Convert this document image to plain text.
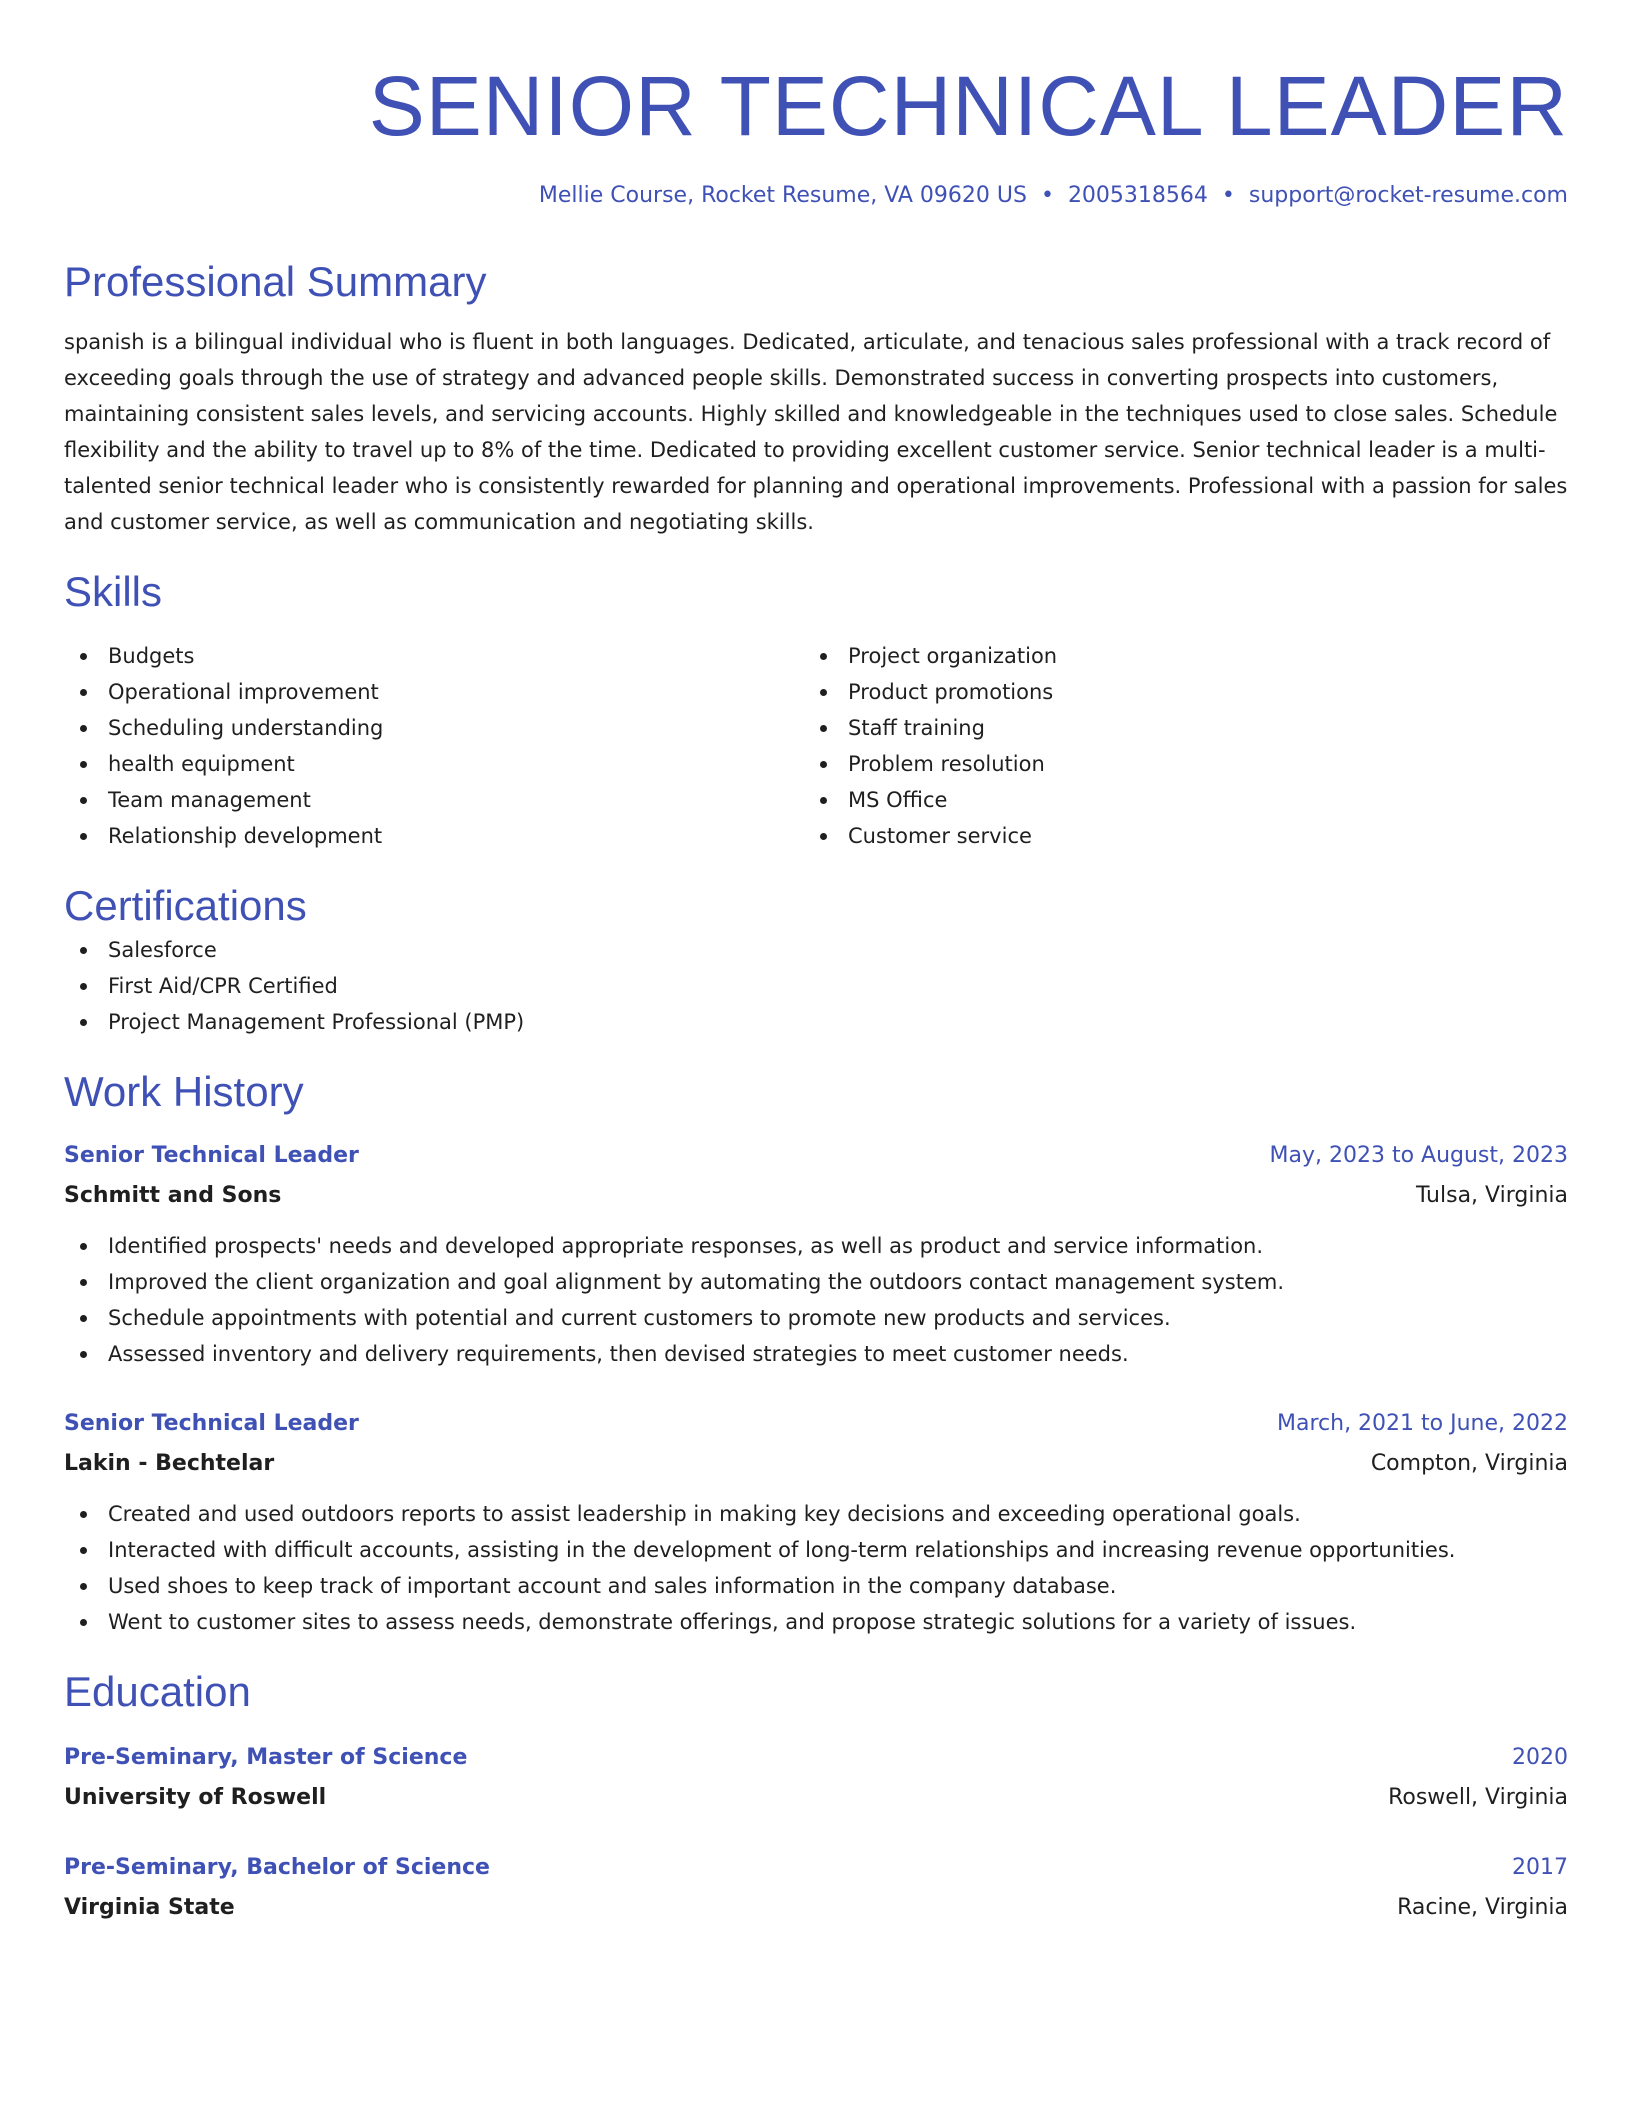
SENIOR TECHNICAL LEADER
Mellie Course, Rocket Resume, VA 09620 US • 2005318564 • support@rocket-resume.com
Professional Summary
spanish is a bilingual individual who is fluent in both languages. Dedicated, articulate, and tenacious sales professional with a track record of exceeding goals through the use of strategy and advanced people skills. Demonstrated success in converting prospects into customers, maintaining consistent sales levels, and servicing accounts. Highly skilled and knowledgeable in the techniques used to close sales. Schedule flexibility and the ability to travel up to 8% of the time. Dedicated to providing excellent customer service. Senior technical leader is a multi-talented senior technical leader who is consistently rewarded for planning and operational improvements. Professional with a passion for sales and customer service, as well as communication and negotiating skills.
Skills
Budgets
Operational improvement
Scheduling understanding
health equipment
Team management
Relationship development
Project organization
Product promotions
Staff training
Problem resolution
MS Office
Customer service
Certifications
Salesforce
First Aid/CPR Certified
Project Management Professional (PMP)
Work History
Senior Technical Leader	May, 2023 to August, 2023
Schmitt and Sons	Tulsa, Virginia
Identified prospects' needs and developed appropriate responses, as well as product and service information.
Improved the client organization and goal alignment by automating the outdoors contact management system.
Schedule appointments with potential and current customers to promote new products and services.
Assessed inventory and delivery requirements, then devised strategies to meet customer needs.
Senior Technical Leader	March, 2021 to June, 2022
Lakin - Bechtelar	Compton, Virginia
Created and used outdoors reports to assist leadership in making key decisions and exceeding operational goals.
Interacted with difficult accounts, assisting in the development of long-term relationships and increasing revenue opportunities.
Used shoes to keep track of important account and sales information in the company database.
Went to customer sites to assess needs, demonstrate offerings, and propose strategic solutions for a variety of issues.
Education
Pre-Seminary, Master of Science	2020
University of Roswell	Roswell, Virginia
Pre-Seminary, Bachelor of Science	2017
Virginia State	Racine, Virginia
